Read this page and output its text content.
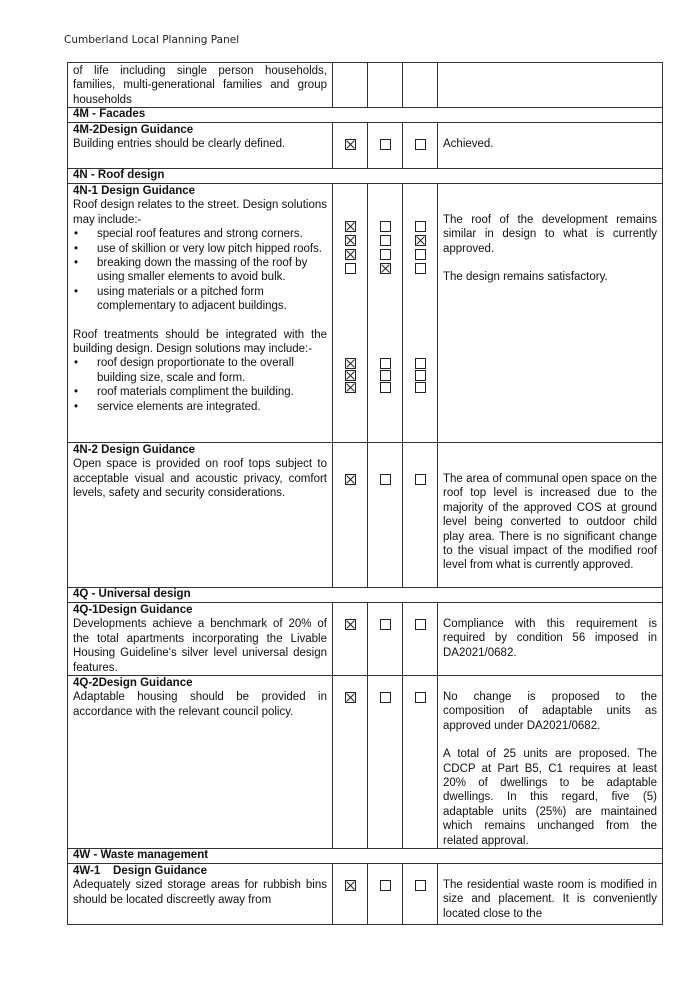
Cumberland Local Planning Panel
of life including single person households, families, multi-generational families and group households
4M - Facades
4M-2Design Guidance
Building entries should be clearly defined.	Achieved.
4N - Roof design
4N-1 Design Guidance

Roof design relates to the street. Design solutions may include:-

• special roof features and strong corners.
• use of skillion or very low pitch hipped roofs.
• breaking down the massing of the roof by using smaller elements to avoid bulk.
• using materials or a pitched form complementary to adjacent buildings.

Roof treatments should be integrated with the building design. Design solutions may include:-

• roof design proportionate to the overall building size, scale and form.
• roof materials compliment the building.
• service elements are integrated.

The roof of the development remains similar in design to what is currently approved.

The design remains satisfactory.

4N-2 Design Guidance
Open space is provided on roof tops subject to acceptable visual and acoustic privacy, comfort levels, safety and security considerations.
The area of communal open space on the roof top level is increased due to the majority of the approved COS at ground level being converted to outdoor child play area. There is no significant change to the visual impact of the modified roof level from what is currently approved.
4Q - Universal design
4Q-1Design Guidance
Developments achieve a benchmark of 20% of the total apartments incorporating the Livable Housing Guideline's silver level universal design features.
Compliance with this requirement is required by condition 56 imposed in DA2021/0682.
4Q-2Design Guidance
Adaptable housing should be provided in accordance with the relevant council policy.

No change is proposed to the composition of adaptable units as approved under DA2021/0682.

A total of 25 units are proposed. The CDCP at Part B5, C1 requires at least 20% of dwellings to be adaptable dwellings. In this regard, five (5) adaptable units (25%) are maintained which remains unchanged from the related approval.

4W - Waste management
4W-1    Design Guidance
Adequately sized storage areas for rubbish bins should be located discreetly away from
The residential waste room is modified in size and placement. It is conveniently located close to the
